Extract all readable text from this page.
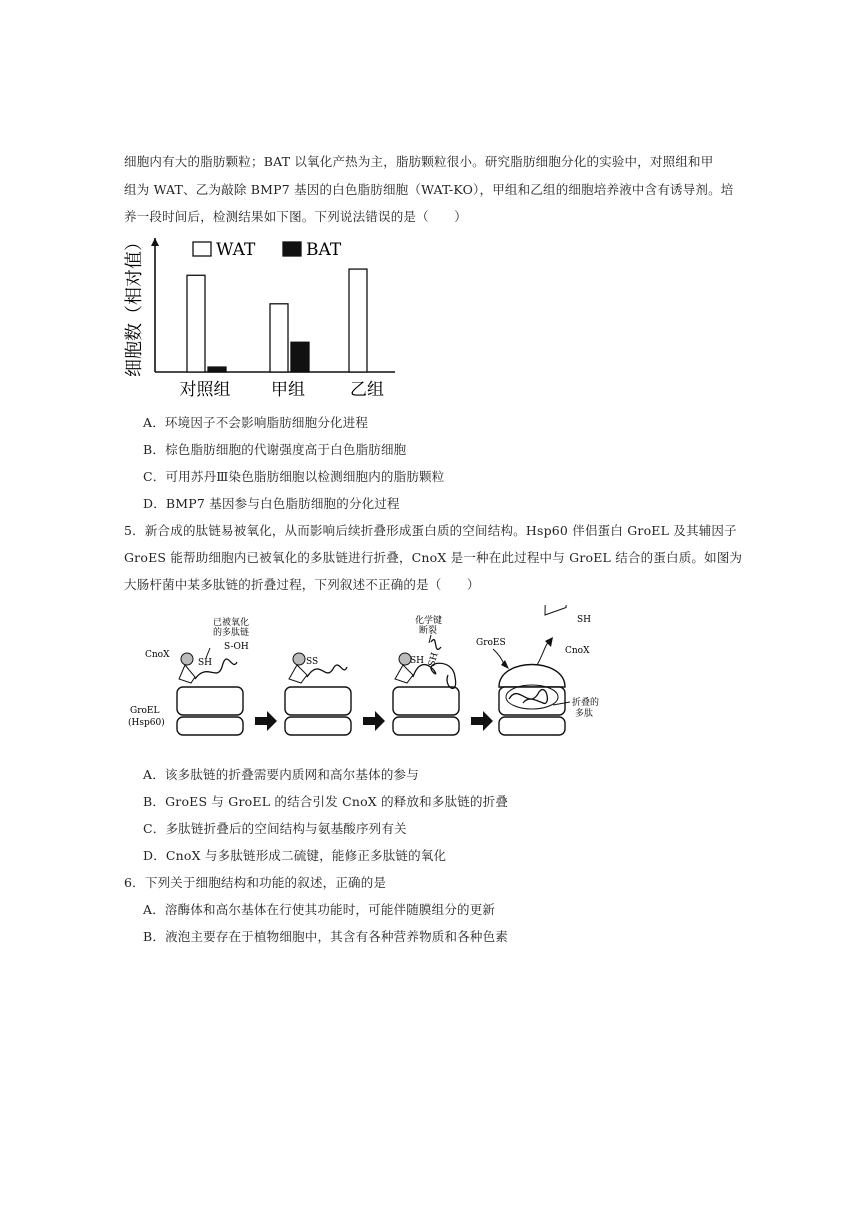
细胞内有大的脂肪颗粒；BAT 以氧化产热为主，脂肪颗粒很小。研究脂肪细胞分化的实验中，对照组和甲
组为 WAT、乙为敲除 BMP7 基因的白色脂肪细胞（WAT-KO），甲组和乙组的细胞培养液中含有诱导剂。培
养一段时间后，检测结果如下图。下列说法错误的是（　　）
WAT	BAT
细胞数（相对值）
对照组 甲组	乙组
A．环境因子不会影响脂肪细胞分化进程
B．棕色脂肪细胞的代谢强度高于白色脂肪细胞
C．可用苏丹Ⅲ染色脂肪细胞以检测细胞内的脂肪颗粒
D．BMP7 基因参与白色脂肪细胞的分化过程
5．新合成的肽链易被氧化，从而影响后续折叠形成蛋白质的空间结构。Hsp60 伴侣蛋白 GroEL 及其辅因子
GroES 能帮助细胞内已被氧化的多肽链进行折叠，CnoX 是一种在此过程中与 GroEL 结合的蛋白质。如图为
大肠杆菌中某多肽链的折叠过程，下列叙述不正确的是（　　）
CnoX
SH
已被氧化
的多肽链
S-OH
GroEL
(Hsp60)
SS
化学键
断裂
SH SH
GroES
折叠的
多肽
SH
CnoX
A．该多肽链的折叠需要内质网和高尔基体的参与
B．GroES 与 GroEL 的结合引发 CnoX 的释放和多肽链的折叠
C．多肽链折叠后的空间结构与氨基酸序列有关
D．CnoX 与多肽链形成二硫键，能修正多肽链的氧化
6．下列关于细胞结构和功能的叙述，正确的是
A．溶酶体和高尔基体在行使其功能时，可能伴随膜组分的更新
B．液泡主要存在于植物细胞中，其含有各种营养物质和各种色素
